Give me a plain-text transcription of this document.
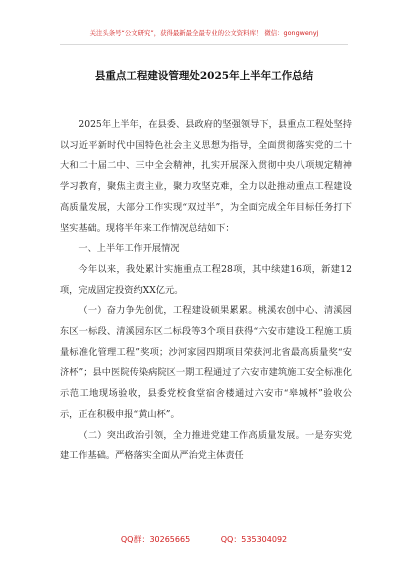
关注头条号“公文研究”，获得最新最全最专业的公文资料库！ 微信：gongwenyj
县重点工程建设管理处2025年上半年工作总结

2025年上半年，在县委、县政府的坚强领导下，县重点工程处坚持以习近平新时代中国特色社会主义思想为指导，全面贯彻落实党的二十大和二十届二中、三中全会精神，扎实开展深入贯彻中央八项规定精神学习教育，聚焦主责主业，聚力攻坚克难，全力以赴推动重点工程建设高质量发展，大部分工作实现“双过半”，为全面完成全年目标任务打下坚实基础。现将半年来工作情况总结如下：

一、上半年工作开展情况

今年以来，我处累计实施重点工程28项，其中续建16项，新建12项，完成固定投资约XX亿元。

（一）奋力争先创优，工程建设硕果累累。桃溪农创中心、清溪园东区一标段、清溪园东区二标段等3个项目获得“六安市建设工程施工质量标准化管理工程”奖项；沙河家园四期项目荣获河北省最高质量奖“安济杯”；县中医院传染病院区一期工程通过了六安市建筑施工安全标准化示范工地现场验收，县委党校食堂宿舍楼通过六安市“皋城杯”验收公示，正在积极申报“黄山杯”。

（二）突出政治引领，全力推进党建工作高质量发展。一是夯实党建工作基础。严格落实全面从严治党主体责任

QQ群：30265665	QQ：535304092
